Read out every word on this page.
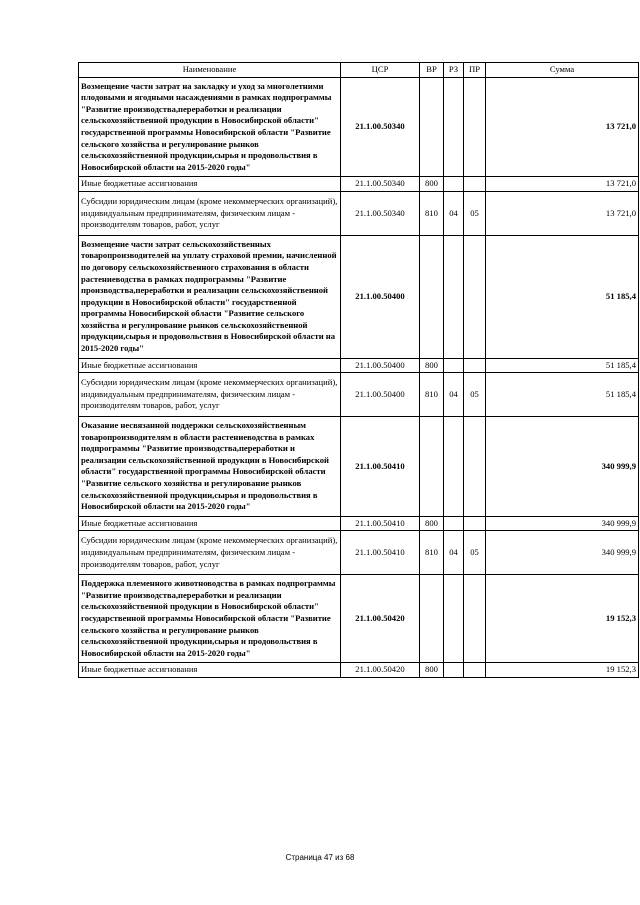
Наименование	ЦСР	ВР	РЗ	ПР	Сумма
Возмещение части затрат на закладку и уход за многолетними плодовыми и ягодными насаждениями в рамках подпрограммы "Развитие производства,переработки и реализации сельскохозяйственной продукции в Новосибирской области" государственной программы Новосибирской области "Развитие сельского хозяйства и регулирование рынков сельскохозяйственной продукции,сырья и продовольствия в Новосибирской области на 2015-2020 годы"	21.1.00.50340				13 721,0
Иные бюджетные ассигнования	21.1.00.50340	800			13 721,0
Субсидии юридическим лицам (кроме некоммерческих организаций), индивидуальным предпринимателям, физическим лицам - производителям товаров, работ, услуг	21.1.00.50340	810	04	05	13 721,0
Возмещение части затрат сельскохозяйственных товаропроизводителей на уплату страховой премии, начисленной по договору сельскохозяйственного страхования в области растениеводства в рамках подпрограммы "Развитие производства,переработки и реализации сельскохозяйственной продукции в Новосибирской области" государственной программы Новосибирской области "Развитие сельского хозяйства и регулирование рынков сельскохозяйственной продукции,сырья и продовольствия в Новосибирской области на 2015-2020 годы"	21.1.00.50400				51 185,4
Иные бюджетные ассигнования	21.1.00.50400	800			51 185,4
Субсидии юридическим лицам (кроме некоммерческих организаций), индивидуальным предпринимателям, физическим лицам - производителям товаров, работ, услуг	21.1.00.50400	810	04	05	51 185,4
Оказание несвязанной поддержки сельскохозяйственным товаропроизводителям в области растениеводства в рамках подпрограммы "Развитие производства,переработки и реализации сельскохозяйственной продукции в Новосибирской области" государственной программы Новосибирской области "Развитие сельского хозяйства и регулирование рынков сельскохозяйственной продукции,сырья и продовольствия в Новосибирской области на 2015-2020 годы"	21.1.00.50410				340 999,9
Иные бюджетные ассигнования	21.1.00.50410	800			340 999,9
Субсидии юридическим лицам (кроме некоммерческих организаций), индивидуальным предпринимателям, физическим лицам - производителям товаров, работ, услуг	21.1.00.50410	810	04	05	340 999,9
Поддержка племенного животноводства в рамках подпрограммы "Развитие производства,переработки и реализации сельскохозяйственной продукции в Новосибирской области" государственной программы Новосибирской области "Развитие сельского хозяйства и регулирование рынков сельскохозяйственной продукции,сырья и продовольствия в Новосибирской области на 2015-2020 годы"	21.1.00.50420				19 152,3
Иные бюджетные ассигнования	21.1.00.50420	800			19 152,3
Страница 47 из 68
